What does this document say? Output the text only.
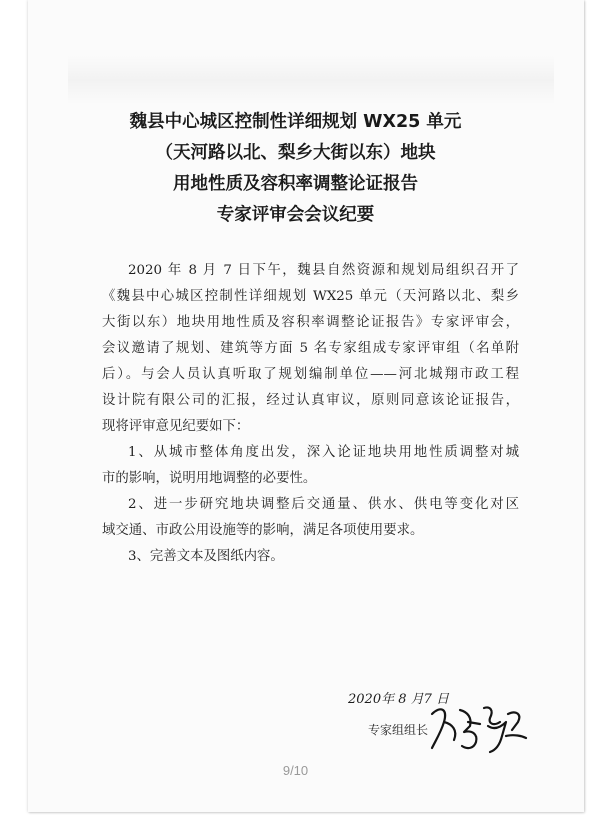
魏县中心城区控制性详细规划 WX25 单元
（天河路以北、梨乡大街以东）地块
用地性质及容积率调整论证报告
专家评审会会议纪要
2020 年 8 月 7 日下午，魏县自然资源和规划局组织召开了
《魏县中心城区控制性详细规划 WX25 单元（天河路以北、梨乡
大街以东）地块用地性质及容积率调整论证报告》专家评审会，
会议邀请了规划、建筑等方面 5 名专家组成专家评审组（名单附
后）。与会人员认真听取了规划编制单位——河北城翔市政工程
设计院有限公司的汇报，经过认真审议，原则同意该论证报告，
现将评审意见纪要如下：
1、从城市整体角度出发，深入论证地块用地性质调整对城
市的影响，说明用地调整的必要性。
2、进一步研究地块调整后交通量、供水、供电等变化对区
域交通、市政公用设施等的影响，满足各项使用要求。
3、完善文本及图纸内容。
2020年 8 月7 日
专家组组长
9/10
